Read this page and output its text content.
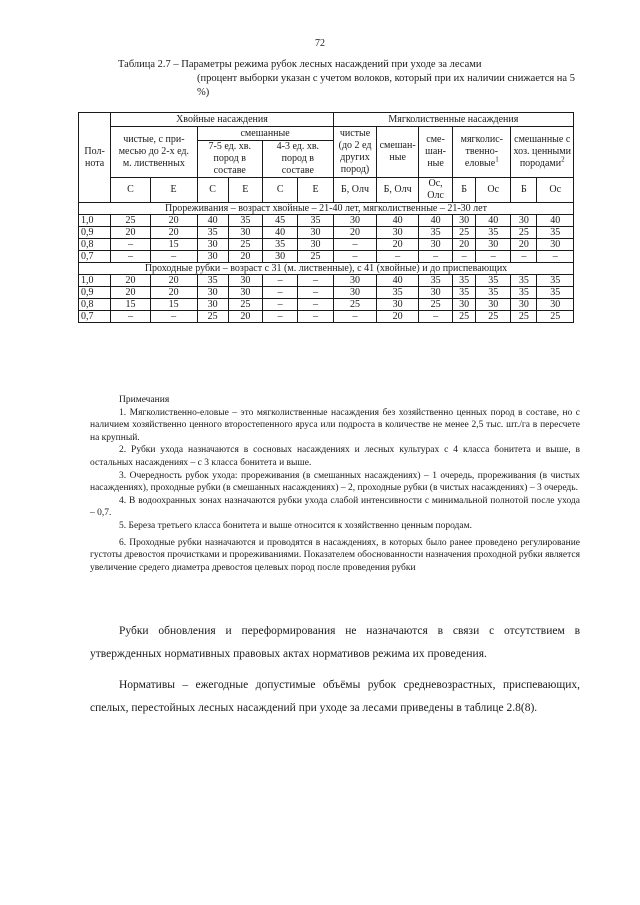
72
Таблица 2.7 – Параметры режима рубок лесных насаждений при уходе за лесами
(процент выборки указан с учетом волоков, который при их наличии снижается на 5 %)
Полнота	Хвойные насаждения						Мягколиственные насаждения						
	чистые, с примесью до 2-х ед. м. лиственных		смешанные				чистые (до 2 ед других пород)	смешанные	смешанные	мягколиственноеловые$^1$		смешанные с хоз. ценными породами$^2$
			7-5 ед. хв. пород в составе		4-3 ед. хв. пород в составе								
	С	Е	С	Е	С	Е	Б, Олч	Б, Олч	Ос, Олс	Б	Ос	Б	Ос
Прореживания – возраст хвойные – 21-40 лет, мягколиственные – 21-30 лет													
1,0	25	20	40	35	45	35	30	40	40	30	40	30	40
0,9	20	20	35	30	40	30	20	30	35	25	35	25	35
0,8	–	15	30	25	35	30	–	20	30	20	30	20	30
0,7	–	–	30	20	30	25	–	–	–	–	–	–	–
Проходные рубки – возраст с 31 (м. лиственные), с 41 (хвойные) и до приспевающих													
1,0	20	20	35	30	–	–	30	40	35	35	35	35	35
0,9	20	20	30	30	–	–	30	35	30	35	35	35	35
0,8	15	15	30	25	–	–	25	30	25	30	30	30	30
0,7	–	–	25	20	–	–	–	20	–	25	25	25	25
Примечания

1. Мягколиственно-еловые – это мягколиственные насаждения без хозяйственно ценных пород в составе, но с наличием хозяйственно ценного второстепенного яруса или подроста в количестве не менее 2,5 тыс. шт./га в пересчете на крупный.

2. Рубки ухода назначаются в сосновых насаждениях и лесных культурах с 4 класса бонитета и выше, в остальных насаждениях – с 3 класса бонитета и выше.

3. Очередность рубок ухода: прореживания (в смешанных насаждениях) – 1 очередь, прореживания (в чистых насаждениях), проходные рубки (в смешанных насаждениях) – 2, проходные рубки (в чистых насаждениях) – 3 очередь.

4. В водоохранных зонах назначаются рубки ухода слабой интенсивности с минимальной полнотой после ухода – 0,7.

5. Береза третьего класса бонитета и выше относится к хозяйственно ценным породам.

6. Проходные рубки назначаются и проводятся в насаждениях, в которых было ранее проведено регулирование густоты древостоя прочистками и прореживаниями. Показателем обоснованности назначения проходной рубки является увеличение средего диаметра древостоя целевых пород после проведения рубки

Рубки обновления и переформирования не назначаются в связи с отсутствием в утвержденных нормативных правовых актах нормативов режима их проведения.

Нормативы – ежегодные допустимые объёмы рубок средневозрастных, приспевающих, спелых, перестойных лесных насаждений при уходе за лесами приведены в таблице 2.8(8).
